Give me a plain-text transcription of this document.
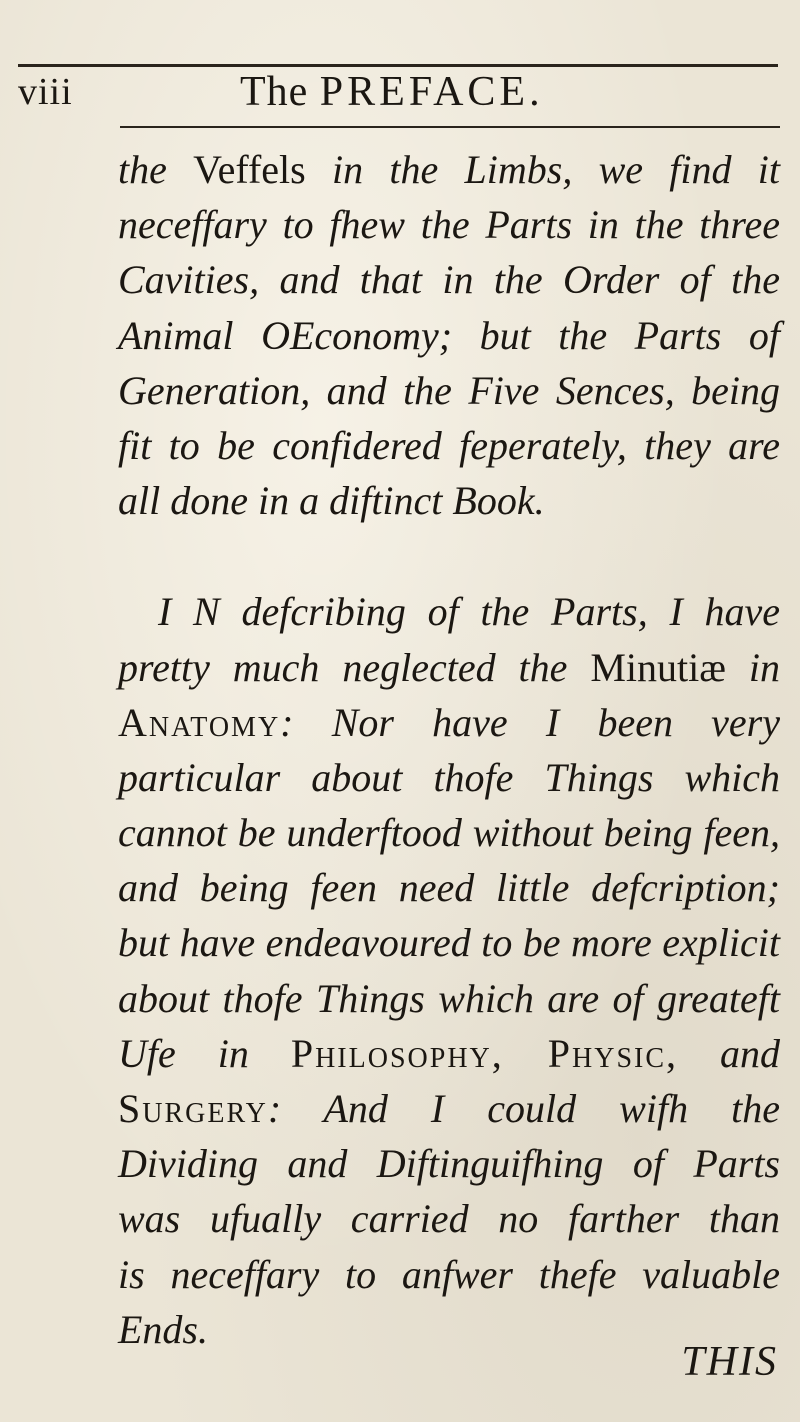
viii	The PREFACE.
the Veffels in the Limbs, we find it
neceffary to fhew the Parts in the three
Cavities, and that in the Order of the
Animal OEconomy; but the Parts of
Generation, and the Five Sences, being
fit to be confidered feperately, they are
all done in a diftinct Book.
I N defcribing of the Parts, I have
pretty much neglected the Minutiæ in
Anatomy: Nor have I been very
particular about thofe Things which
cannot be underftood without being feen,
and being feen need little defcription;
but have endeavoured to be more explicit
about thofe Things which are of greateft
Ufe in Philosophy, Physic, and
Surgery: And I could wifh the
Dividing and Diftinguifhing of Parts
was ufually carried no farther than
is neceffary to anfwer thefe valuable
Ends.
THIS
